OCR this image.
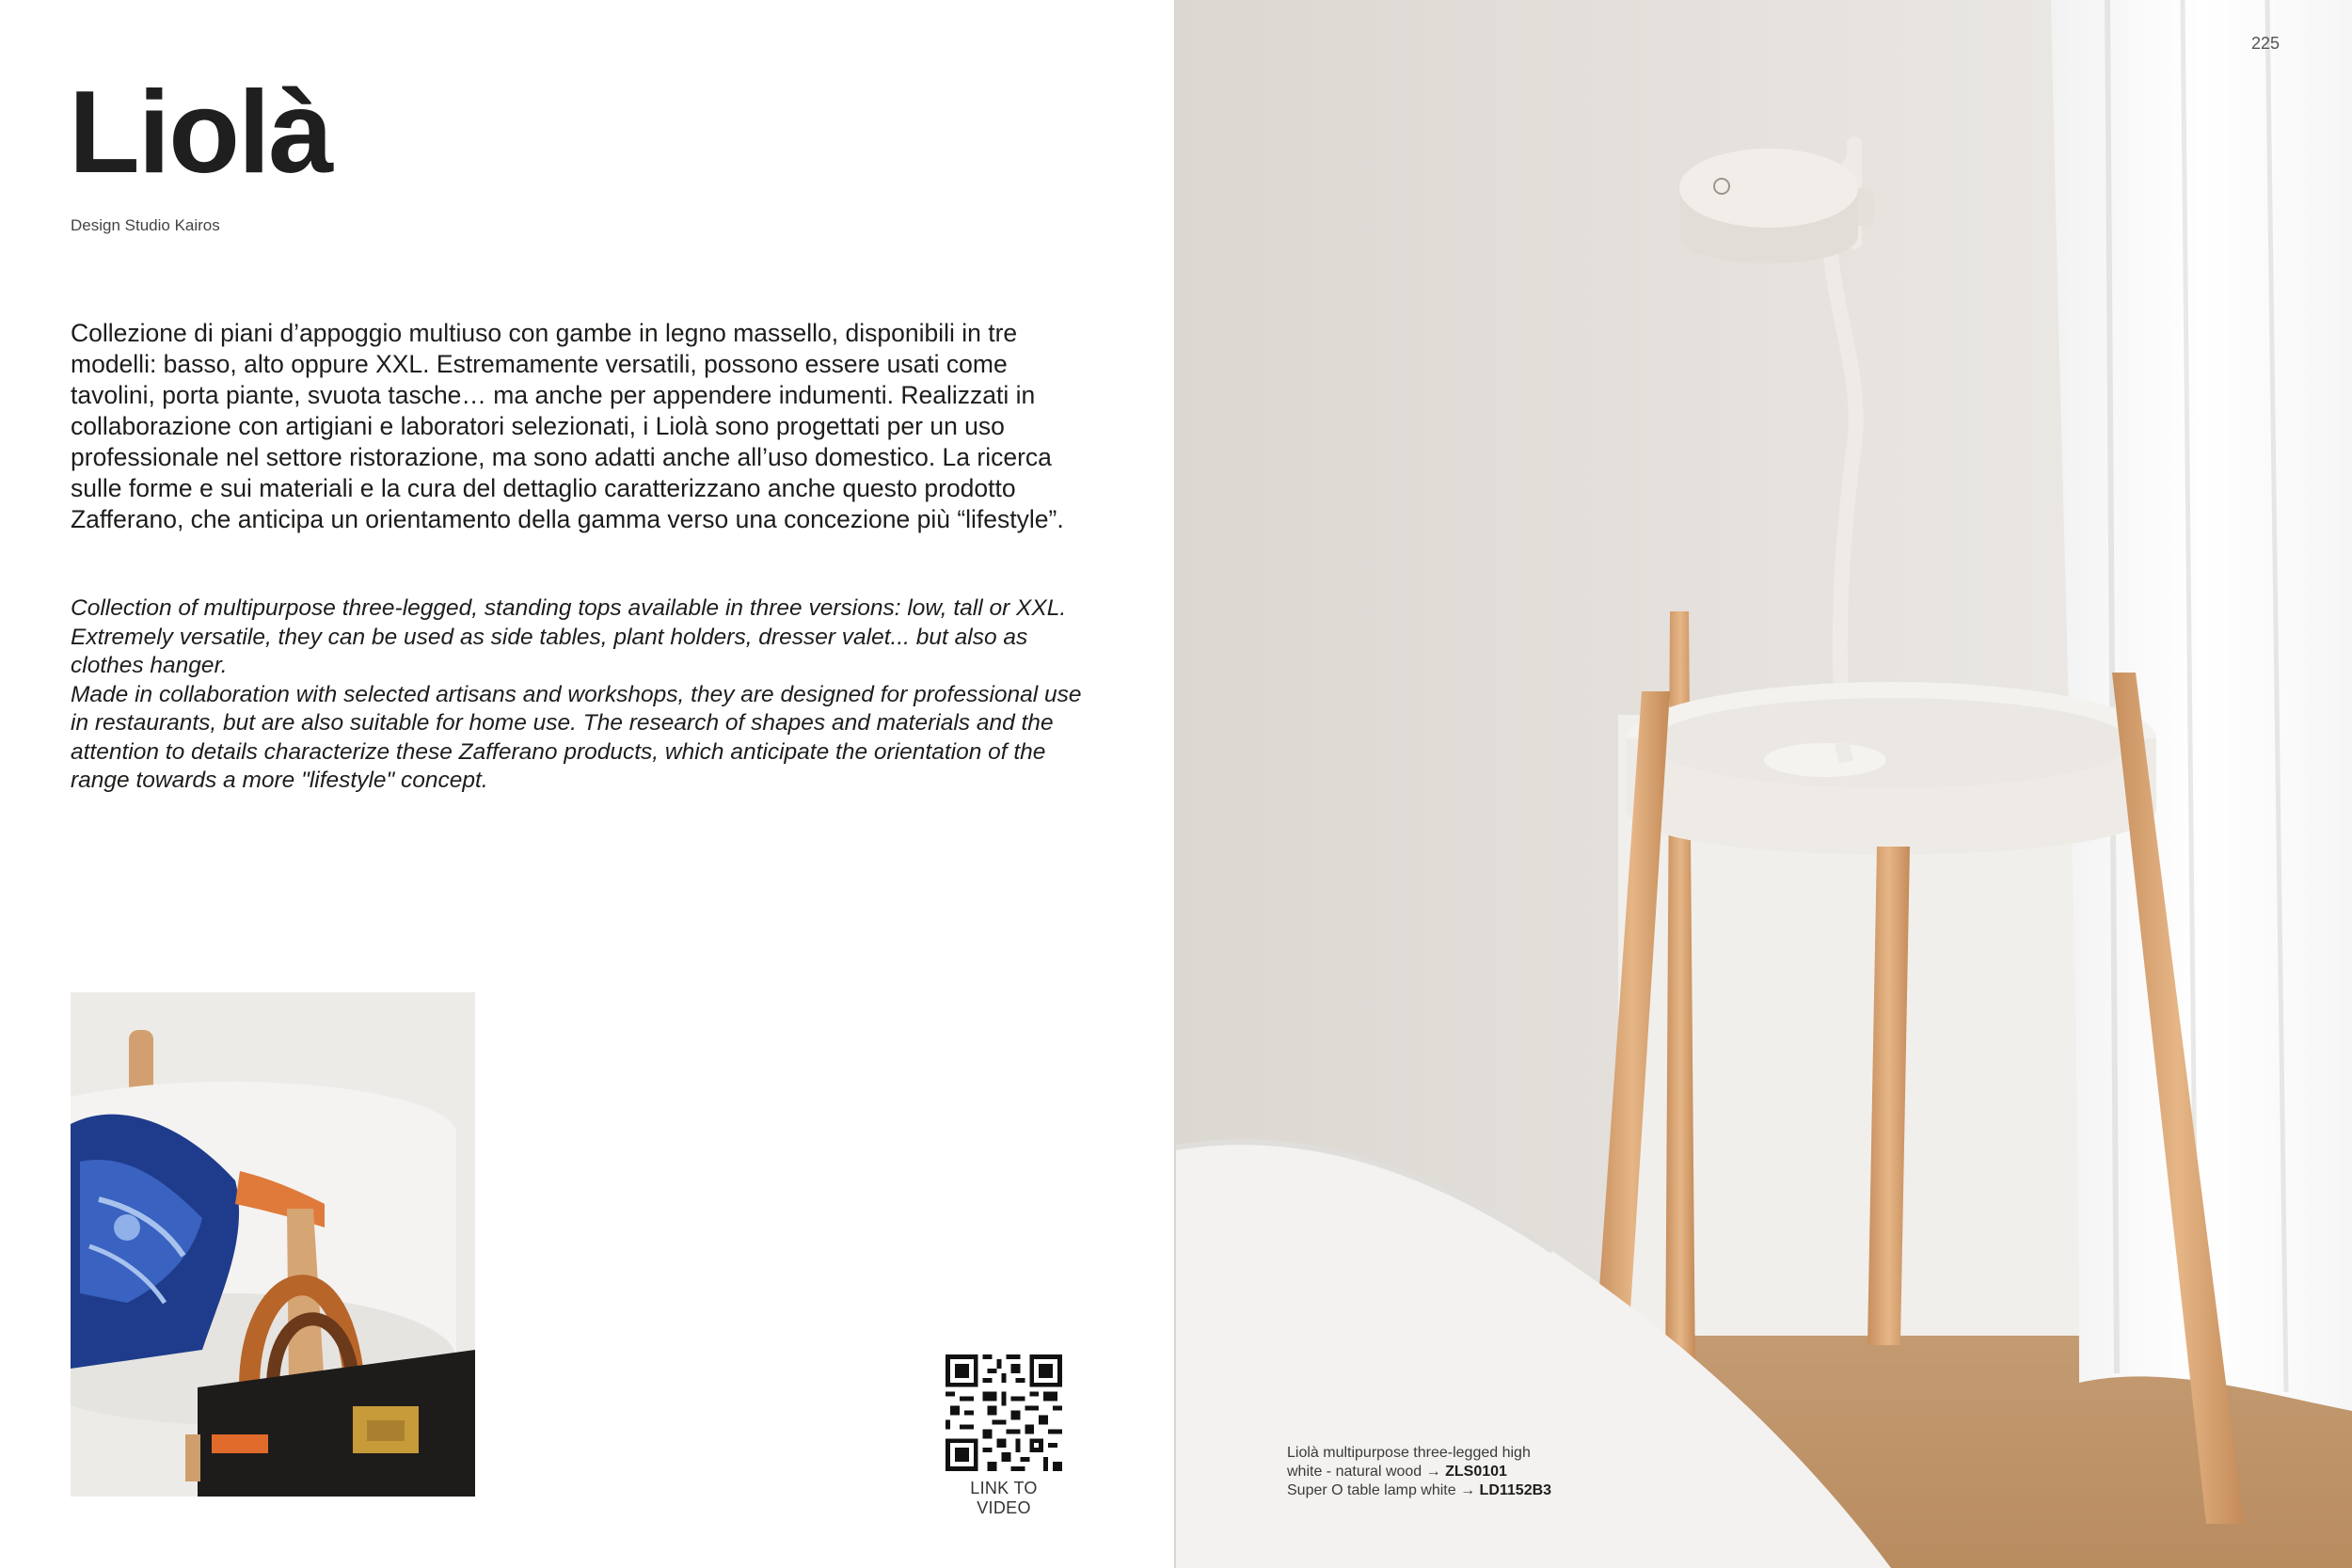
Liolà
Design Studio Kairos
Collezione di piani d’appoggio multiuso con gambe in legno massello, disponibili in tre modelli: basso, alto oppure XXL. Estremamente versatili, possono essere usati come tavolini, porta piante, svuota tasche… ma anche per appendere indumenti. Realizzati in collaborazione con artigiani e laboratori selezionati, i Liolà sono progettati per un uso professionale nel settore ristorazione, ma sono adatti anche all’uso domestico. La ricerca sulle forme e sui materiali e la cura del dettaglio caratterizzano anche questo prodotto Zafferano, che anticipa un orientamento della gamma verso una concezione più “lifestyle”.

Collection of multipurpose three-legged, standing tops available in three versions: low, tall or XXL. Extremely versatile, they can be used as side tables, plant holders, dresser valet... but also as clothes hanger.

Made in collaboration with selected artisans and workshops, they are designed for professional use in restaurants, but are also suitable for home use. The research of shapes and materials and the attention to details characterize these Zafferano products, which anticipate the orientation of the range towards a more "lifestyle" concept.

LINK TO VIDEO
225
Liolà multipurpose three-legged high
white - natural wood → ZLS0101
Super O table lamp white → LD1152B3
